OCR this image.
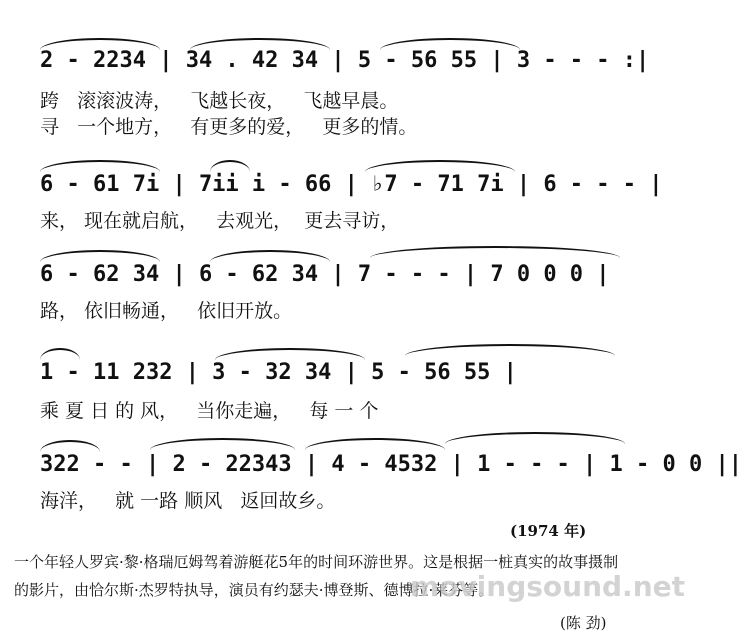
2 - 2234 | 34 . 42 34 | 5 - 56 55 | 3 - - - :|
跨   滚滚波涛，   飞越长夜，   飞越早晨。
寻   一个地方，   有更多的爱，   更多的情。
6 - 61 7i | 7ii i - 66 | ♭7 - 71 7i | 6 - - - |
来， 现在就启航，   去观光，  更去寻访，
6 - 62 34 | 6 - 62 34 | 7 - - - | 7 0 0 0 |
路， 依旧畅通，   依旧开放。
1 - 11 232 | 3 - 32 34 | 5 - 56 55 |
乘 夏 日 的 风，   当你走遍，   每 一 个
322 - - | 2 - 22343 | 4 - 4532 | 1 - - - | 1 - 0 0 ||
海洋，   就 一路 顺风   返回故乡。
(1974 年)
一个年轻人罗宾·黎·格瑞厄姆驾着游艇花5年的时间环游世界。这是根据一桩真实的故事摄制的影片，由恰尔斯·杰罗特执导，演员有约瑟夫·博登斯、德博拉·莱芬等。
(陈 劲)
movingsound.net
